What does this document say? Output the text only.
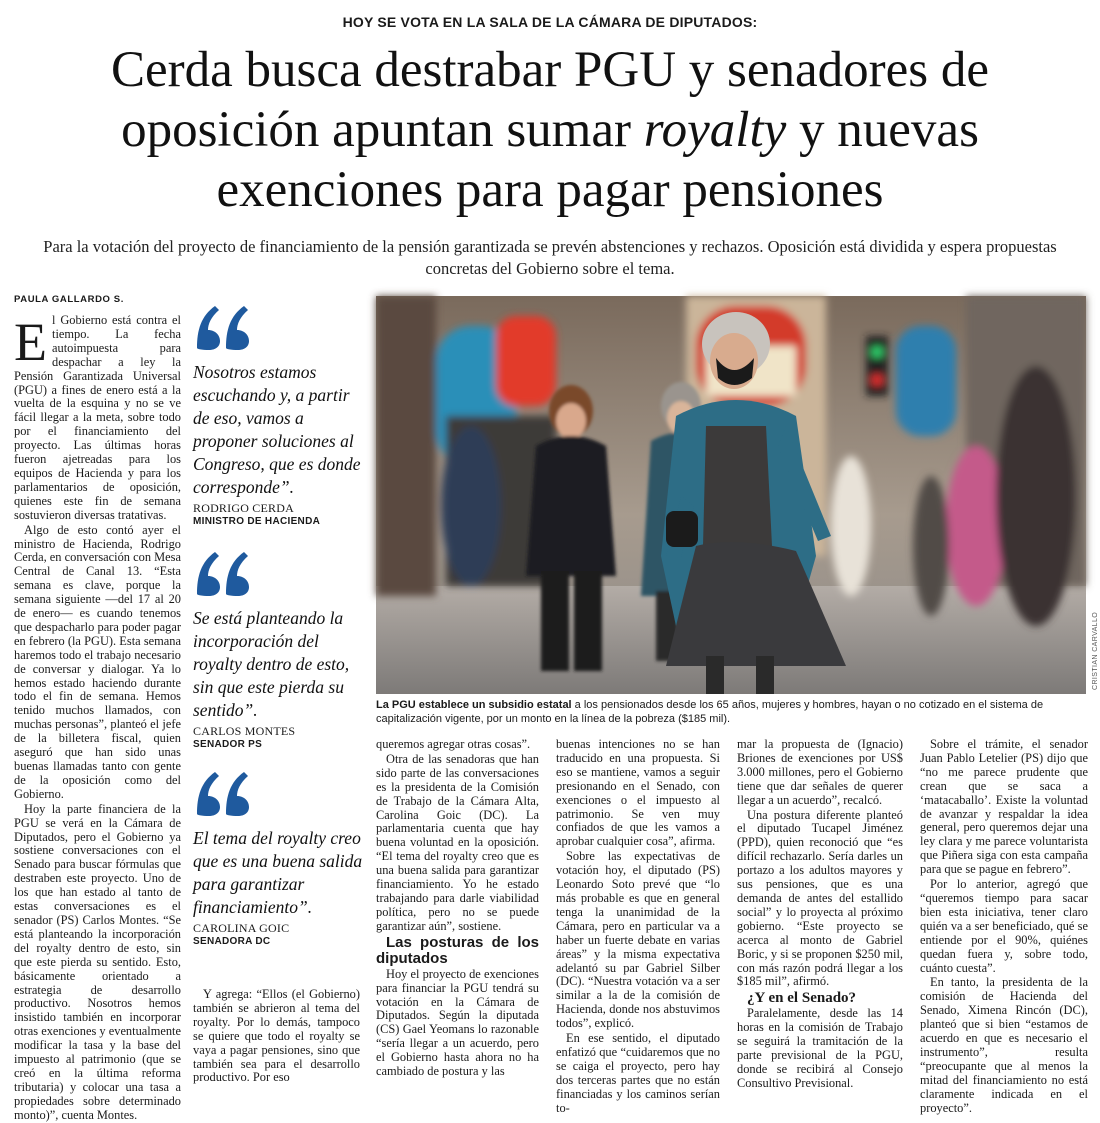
HOY SE VOTA EN LA SALA DE LA CÁMARA DE DIPUTADOS:
Cerda busca destrabar PGU y senadores de oposición apuntan sumar royalty y nuevas exenciones para pagar pensiones
Para la votación del proyecto de financiamiento de la pensión garantizada se prevén abstenciones y rechazos. Oposición está dividida y espera propuestas concretas del Gobierno sobre el tema.
PAULA GALLARDO S.

El Gobierno está contra el tiempo. La fecha autoimpuesta para despachar a ley la Pensión Garantizada Universal (PGU) a fines de enero está a la vuelta de la esquina y no se ve fácil llegar a la meta, sobre todo por el financiamiento del proyecto. Las últimas horas fueron ajetreadas para los equipos de Hacienda y para los parlamentarios de oposición, quienes este fin de semana sostuvieron diversas tratativas.

Algo de esto contó ayer el ministro de Hacienda, Rodrigo Cerda, en conversación con Mesa Central de Canal 13. “Esta semana es clave, porque la semana siguiente —del 17 al 20 de enero— es cuando tenemos que despacharlo para poder pagar en febrero (la PGU). Esta semana haremos todo el trabajo necesario de conversar y dialogar. Ya lo hemos estado haciendo durante todo el fin de semana. Hemos tenido muchos llamados, con muchas personas”, planteó el jefe de la billetera fiscal, quien aseguró que han sido unas buenas llamadas tanto con gente de la oposición como del Gobierno.

Hoy la parte financiera de la PGU se verá en la Cámara de Diputados, pero el Gobierno ya sostiene conversaciones con el Senado para buscar fórmulas que destraben este proyecto. Uno de los que han estado al tanto de estas conversaciones es el senador (PS) Carlos Montes. “Se está planteando la incorporación del royalty dentro de esto, sin que este pierda su sentido. Esto, básicamente orientado a estrategia de desarrollo productivo. Nosotros hemos insistido también en incorporar otras exenciones y eventualmente modificar la tasa y la base del impuesto al patrimonio (que se creó en la última reforma tributaria) y colocar una tasa a propiedades sobre determinado monto)”, cuenta Montes.

Nosotros estamos escuchando y, a partir de eso, vamos a proponer soluciones al Congreso, que es donde corresponde”.
RODRIGO CERDA
MINISTRO DE HACIENDA
Se está planteando la incorporación del royalty dentro de esto, sin que este pierda su sentido”.
CARLOS MONTES
SENADOR PS
El tema del royalty creo que es una buena salida para garantizar financiamiento”.
CAROLINA GOIC
SENADORA DC

Y agrega: “Ellos (el Gobierno) también se abrieron al tema del royalty. Por lo demás, tampoco se quiere que todo el royalty se vaya a pagar pensiones, sino que también sea para el desarrollo productivo. Por eso

CRISTIAN CARVALLO
La PGU establece un subsidio estatal a los pensionados desde los 65 años, mujeres y hombres, hayan o no cotizado en el sistema de capitalización vigente, por un monto en la línea de la pobreza ($185 mil).

queremos agregar otras cosas”.

Otra de las senadoras que han sido parte de las conversaciones es la presidenta de la Comisión de Trabajo de la Cámara Alta, Carolina Goic (DC). La parlamentaria cuenta que hay buena voluntad en la oposición. “El tema del royalty creo que es una buena salida para garantizar financiamiento. Yo he estado trabajando para darle viabilidad política, pero no se puede garantizar aún”, sostiene.

Las posturas de los diputados

Hoy el proyecto de exenciones para financiar la PGU tendrá su votación en la Cámara de Diputados. Según la diputada (CS) Gael Yeomans lo razonable “sería llegar a un acuerdo, pero el Gobierno hasta ahora no ha cambiado de postura y las

buenas intenciones no se han traducido en una propuesta. Si eso se mantiene, vamos a seguir presionando en el Senado, con exenciones o el impuesto al patrimonio. Se ven muy confiados de que les vamos a aprobar cualquier cosa”, afirma.

Sobre las expectativas de votación hoy, el diputado (PS) Leonardo Soto prevé que “lo más probable es que en general tenga la unanimidad de la Cámara, pero en particular va a haber un fuerte debate en varias áreas” y la misma expectativa adelantó su par Gabriel Silber (DC). “Nuestra votación va a ser similar a la de la comisión de Hacienda, donde nos abstuvimos todos”, explicó.

En ese sentido, el diputado enfatizó que “cuidaremos que no se caiga el proyecto, pero hay dos terceras partes que no están financiadas y los caminos serían to-

mar la propuesta de (Ignacio) Briones de exenciones por US$ 3.000 millones, pero el Gobierno tiene que dar señales de querer llegar a un acuerdo”, recalcó.

Una postura diferente planteó el diputado Tucapel Jiménez (PPD), quien reconoció que “es difícil rechazarlo. Sería darles un portazo a los adultos mayores y sus pensiones, que es una demanda de antes del estallido social” y lo proyecta al próximo gobierno. “Este proyecto se acerca al monto de Gabriel Boric, y si se proponen $250 mil, con más razón podrá llegar a los $185 mil”, afirmó.

¿Y en el Senado?

Paralelamente, desde las 14 horas en la comisión de Trabajo se seguirá la tramitación de la parte previsional de la PGU, donde se recibirá al Consejo Consultivo Previsional.

Sobre el trámite, el senador Juan Pablo Letelier (PS) dijo que “no me parece prudente que crean que se saca a ‘matacaballo’. Existe la voluntad de avanzar y respaldar la idea general, pero queremos dejar una ley clara y me parece voluntarista que Piñera siga con esta campaña para que se pague en febrero”.

Por lo anterior, agregó que “queremos tiempo para sacar bien esta iniciativa, tener claro quién va a ser beneficiado, qué se entiende por el 90%, quiénes quedan fuera y, sobre todo, cuánto cuesta”.

En tanto, la presidenta de la comisión de Hacienda del Senado, Ximena Rincón (DC), planteó que si bien “estamos de acuerdo en que es necesario el instrumento”, resulta “preocupante que al menos la mitad del financiamiento no está claramente indicada en el proyecto”.
